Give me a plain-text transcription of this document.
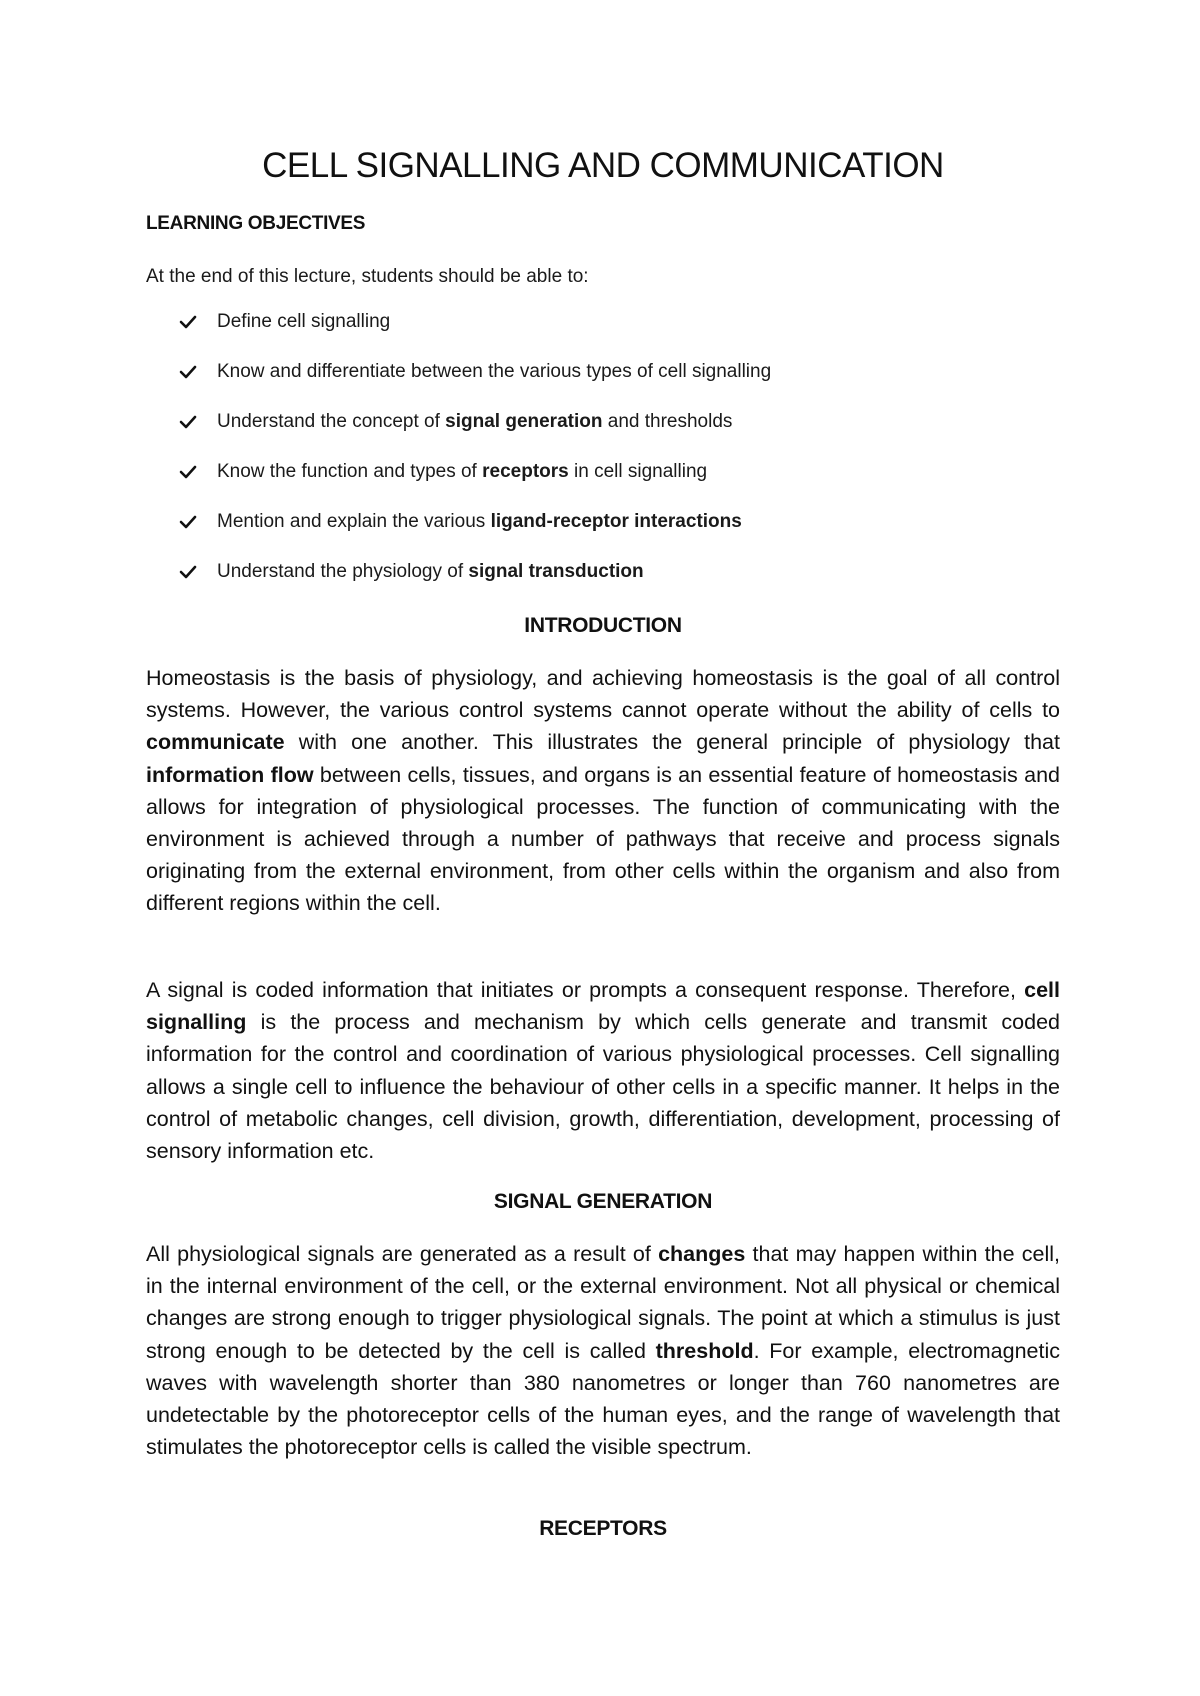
CELL SIGNALLING AND COMMUNICATION
LEARNING OBJECTIVES

At the end of this lecture, students should be able to:

Define cell signalling
Know and differentiate between the various types of cell signalling
Understand the concept of signal generation and thresholds
Know the function and types of receptors in cell signalling
Mention and explain the various ligand-receptor interactions
Understand the physiology of signal transduction
INTRODUCTION

Homeostasis is the basis of physiology, and achieving homeostasis is the goal of all control systems. However, the various control systems cannot operate without the ability of cells to communicate with one another. This illustrates the general principle of physiology that information flow between cells, tissues, and organs is an essential feature of homeostasis and allows for integration of physiological processes. The function of communicating with the environment is achieved through a number of pathways that receive and process signals originating from the external environment, from other cells within the organism and also from different regions within the cell.

A signal is coded information that initiates or prompts a consequent response. Therefore, cell signalling is the process and mechanism by which cells generate and transmit coded information for the control and coordination of various physiological processes. Cell signalling allows a single cell to influence the behaviour of other cells in a specific manner. It helps in the control of metabolic changes, cell division, growth, differentiation, development, processing of sensory information etc.

SIGNAL GENERATION

All physiological signals are generated as a result of changes that may happen within the cell, in the internal environment of the cell, or the external environment. Not all physical or chemical changes are strong enough to trigger physiological signals. The point at which a stimulus is just strong enough to be detected by the cell is called threshold. For example, electromagnetic waves with wavelength shorter than 380 nanometres or longer than 760 nanometres are undetectable by the photoreceptor cells of the human eyes, and the range of wavelength that stimulates the photoreceptor cells is called the visible spectrum.

RECEPTORS
